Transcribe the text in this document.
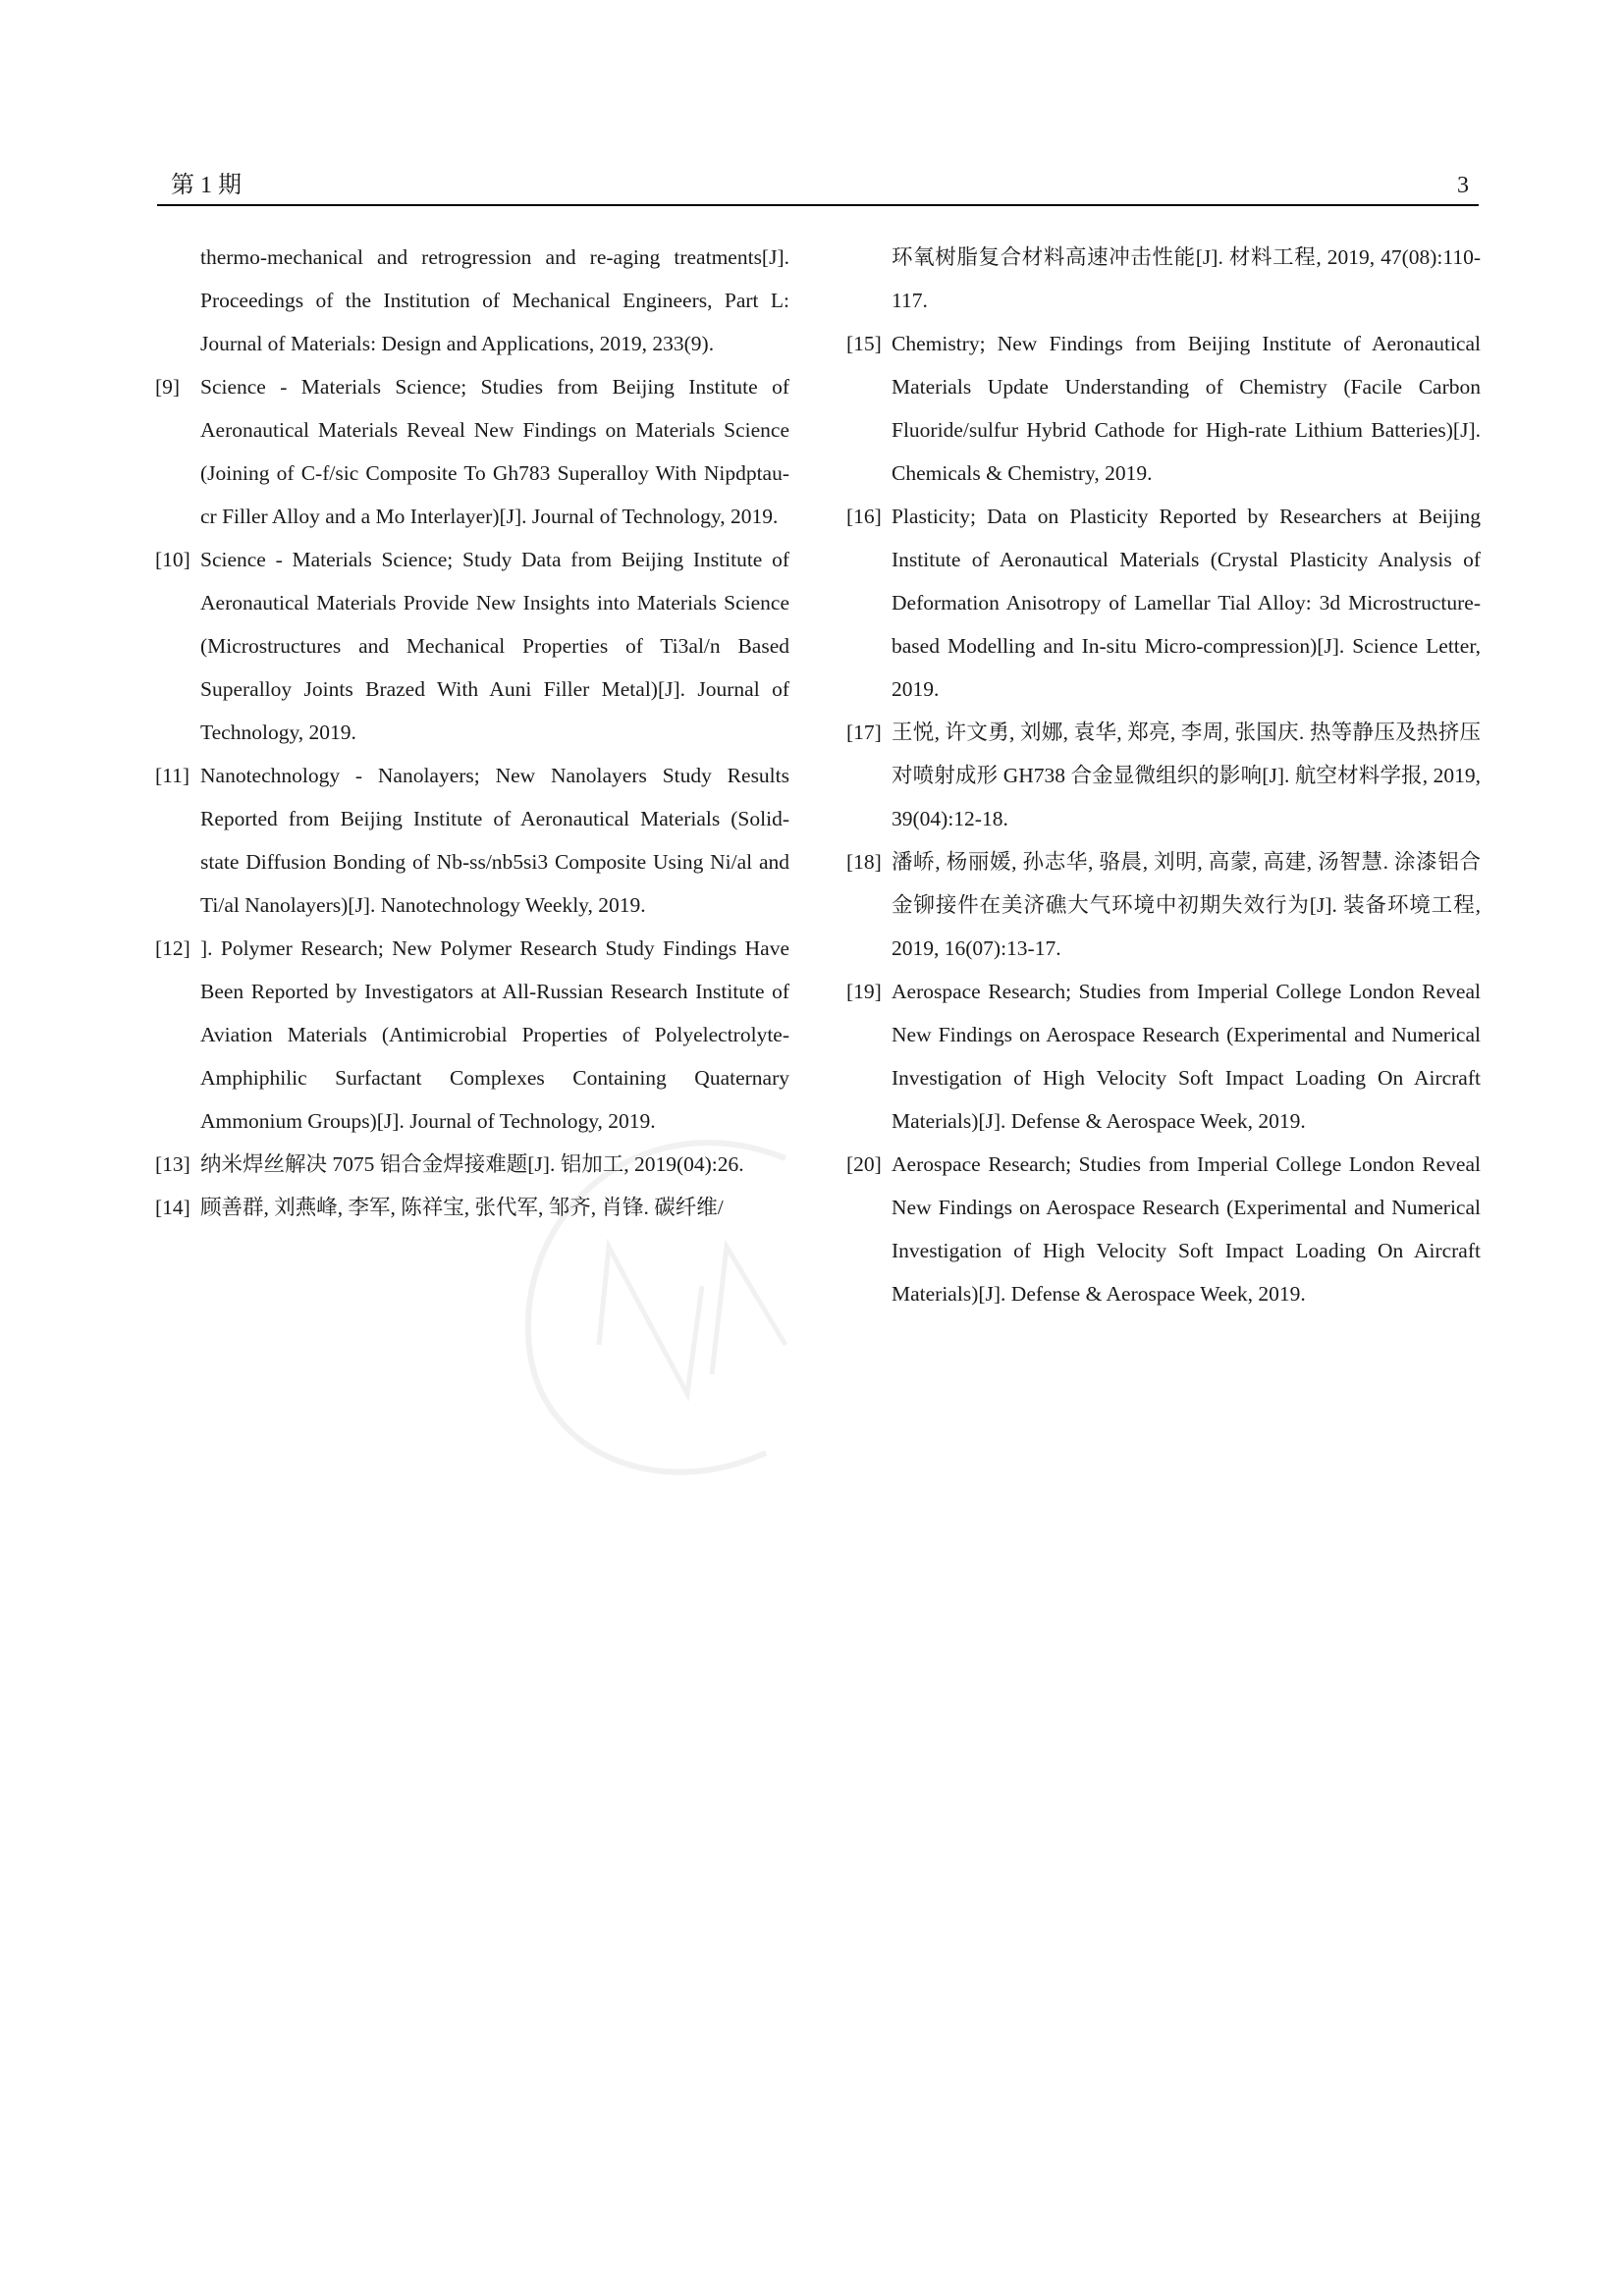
第 1 期	3
thermo-mechanical and retrogression and re-aging treatments[J]. Proceedings of the Institution of Mechanical Engineers, Part L: Journal of Materials: Design and Applications, 2019, 233(9).
[9] Science - Materials Science; Studies from Beijing Institute of Aeronautical Materials Reveal New Findings on Materials Science (Joining of C-f/sic Composite To Gh783 Superalloy With Nipdptau-cr Filler Alloy and a Mo Interlayer)[J]. Journal of Technology, 2019.
[10] Science - Materials Science; Study Data from Beijing Institute of Aeronautical Materials Provide New Insights into Materials Science (Microstructures and Mechanical Properties of Ti3al/n Based Superalloy Joints Brazed With Auni Filler Metal)[J]. Journal of Technology, 2019.
[11] Nanotechnology - Nanolayers; New Nanolayers Study Results Reported from Beijing Institute of Aeronautical Materials (Solid-state Diffusion Bonding of Nb-ss/nb5si3 Composite Using Ni/al and Ti/al Nanolayers)[J]. Nanotechnology Weekly, 2019.
[12] ]. Polymer Research; New Polymer Research Study Findings Have Been Reported by Investigators at All-Russian Research Institute of Aviation Materials (Antimicrobial Properties of Polyelectrolyte-Amphiphilic Surfactant Complexes Containing Quaternary Ammonium Groups)[J]. Journal of Technology, 2019.
[13] 纳米焊丝解决 7075 铝合金焊接难题[J]. 铝加工, 2019(04):26.
[14] 顾善群, 刘燕峰, 李军, 陈祥宝, 张代军, 邹齐, 肖锋. 碳纤维/
环氧树脂复合材料高速冲击性能[J]. 材料工程, 2019, 47(08):110-117.
[15] Chemistry; New Findings from Beijing Institute of Aeronautical Materials Update Understanding of Chemistry (Facile Carbon Fluoride/sulfur Hybrid Cathode for High-rate Lithium Batteries)[J]. Chemicals & Chemistry, 2019.
[16] Plasticity; Data on Plasticity Reported by Researchers at Beijing Institute of Aeronautical Materials (Crystal Plasticity Analysis of Deformation Anisotropy of Lamellar Tial Alloy: 3d Microstructure-based Modelling and In-situ Micro-compression)[J]. Science Letter, 2019.
[17] 王悦, 许文勇, 刘娜, 袁华, 郑亮, 李周, 张国庆. 热等静压及热挤压对喷射成形 GH738 合金显微组织的影响[J]. 航空材料学报, 2019, 39(04):12-18.
[18] 潘峤, 杨丽媛, 孙志华, 骆晨, 刘明, 高蒙, 高建, 汤智慧. 涂漆铝合金铆接件在美济礁大气环境中初期失效行为[J]. 装备环境工程, 2019, 16(07):13-17.
[19] Aerospace Research; Studies from Imperial College London Reveal New Findings on Aerospace Research (Experimental and Numerical Investigation of High Velocity Soft Impact Loading On Aircraft Materials)[J]. Defense & Aerospace Week, 2019.
[20] Aerospace Research; Studies from Imperial College London Reveal New Findings on Aerospace Research (Experimental and Numerical Investigation of High Velocity Soft Impact Loading On Aircraft Materials)[J]. Defense & Aerospace Week, 2019.
